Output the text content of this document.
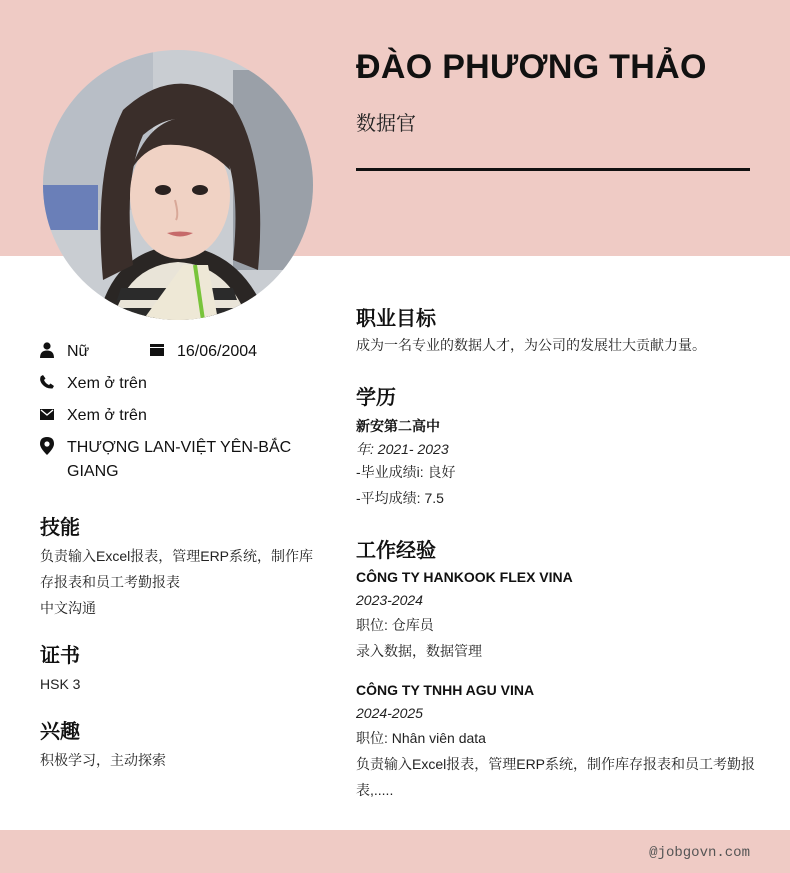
ĐÀO PHƯƠNG THẢO
数据官
Nữ	16/06/2004
Xem ở trên
Xem ở trên
THƯỢNG LAN-VIỆT YÊN-BẮC
GIANG
技能
负责输入Excel报表，管理ERP系统，制作库
存报表和员工考勤报表
中文沟通
证书
HSK 3
兴趣
积极学习，主动探索
职业目标
成为一名专业的数据人才，为公司的发展壮大贡献力量。
学历
新安第二高中
年: 2021- 2023
-毕业成绩i: 良好
-平均成绩: 7.5
工作经验
CÔNG TY HANKOOK FLEX VINA
2023-2024
职位: 仓库员
录入数据，数据管理
CÔNG TY TNHH AGU VINA
2024-2025
职位: Nhân viên data
负责输入Excel报表，管理ERP系统，制作库存报表和员工考勤报
表,.....
@jobgovn.com
